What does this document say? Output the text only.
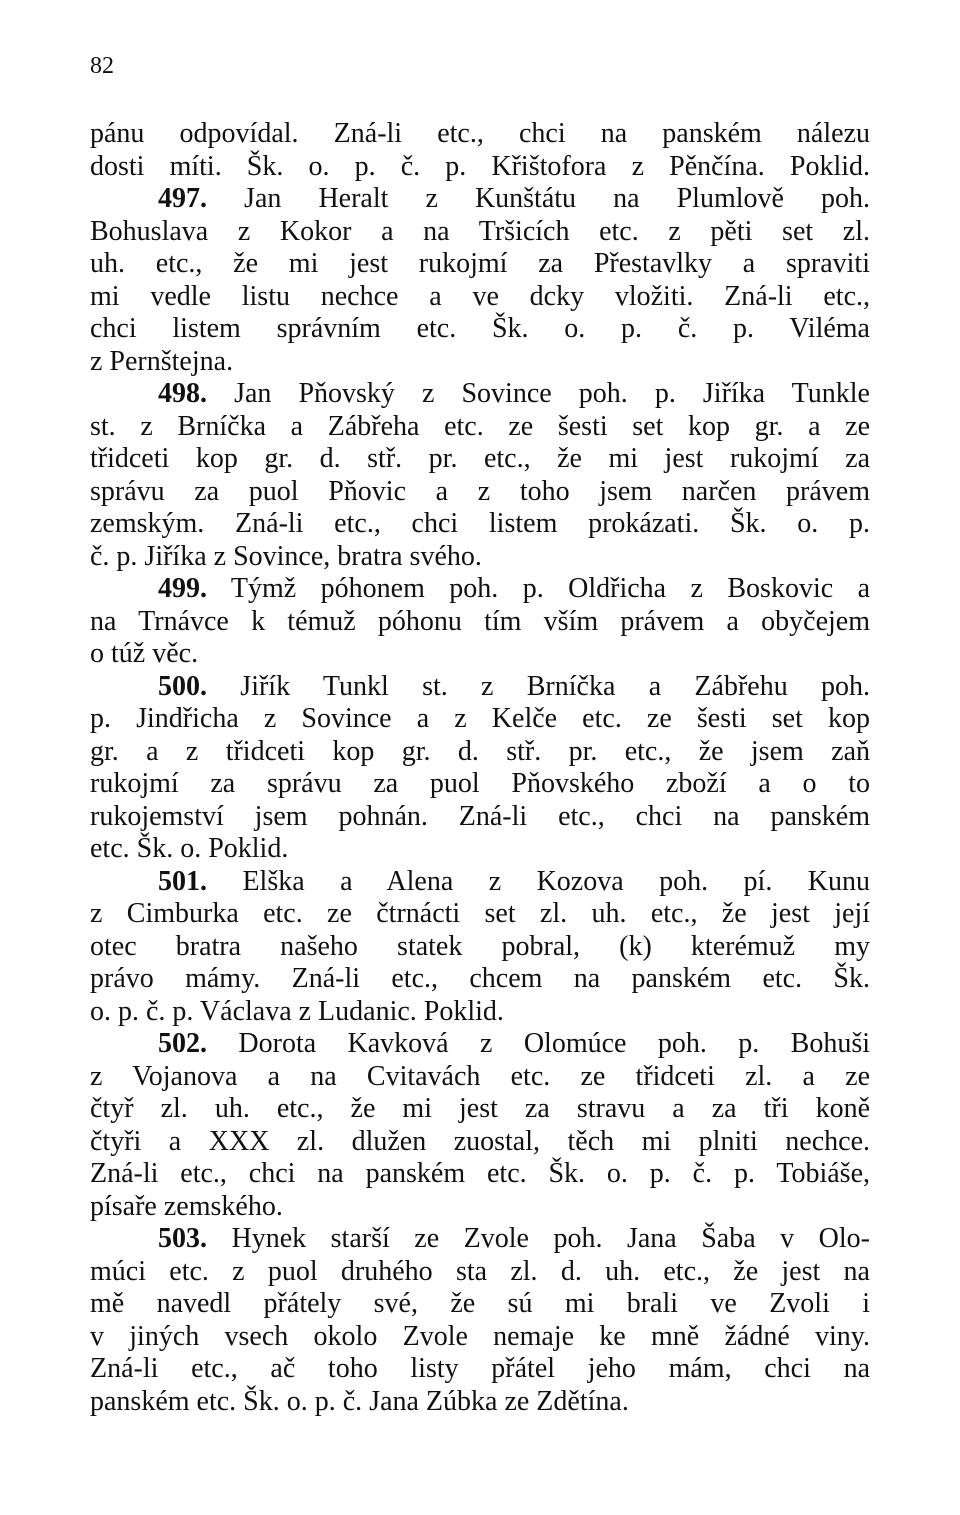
82
pánu odpovídal. Zná-li etc., chci na panském nálezu
dosti míti. Šk. o. p. č. p. Křištofora z Pěnčína. Poklid.
497. Jan Heralt z Kunštátu na Plumlově poh.
Bohuslava z Kokor a na Tršicích etc. z pěti set zl.
uh. etc., že mi jest rukojmí za Přestavlky a spraviti
mi vedle listu nechce a ve dcky vložiti. Zná-li etc.,
chci listem správním etc. Šk. o. p. č. p. Viléma
z Pernštejna.
498. Jan Pňovský z Sovince poh. p. Jiříka Tunkle
st. z Brníčka a Zábřeha etc. ze šesti set kop gr. a ze
třidceti kop gr. d. stř. pr. etc., že mi jest rukojmí za
správu za puol Pňovic a z toho jsem narčen právem
zemským. Zná-li etc., chci listem prokázati. Šk. o. p.
č. p. Jiříka z Sovince, bratra svého.
499. Týmž póhonem poh. p. Oldřicha z Boskovic a
na Trnávce k témuž póhonu tím vším právem a obyčejem
o túž věc.
500. Jiřík Tunkl st. z Brníčka a Zábřehu poh.
p. Jindřicha z Sovince a z Kelče etc. ze šesti set kop
gr. a z třidceti kop gr. d. stř. pr. etc., že jsem zaň
rukojmí za správu za puol Pňovského zboží a o to
rukojemství jsem pohnán. Zná-li etc., chci na panském
etc. Šk. o. Poklid.
501. Elška a Alena z Kozova poh. pí. Kunu
z Cimburka etc. ze čtrnácti set zl. uh. etc., že jest její
otec bratra našeho statek pobral, (k) kterémuž my
právo mámy. Zná-li etc., chcem na panském etc. Šk.
o. p. č. p. Václava z Ludanic. Poklid.
502. Dorota Kavková z Olomúce poh. p. Bohuši
z Vojanova a na Cvitavách etc. ze třidceti zl. a ze
čtyř zl. uh. etc., že mi jest za stravu a za tři koně
čtyři a XXX zl. dlužen zuostal, těch mi plniti nechce.
Zná-li etc., chci na panském etc. Šk. o. p. č. p. Tobiáše,
písaře zemského.
503. Hynek starší ze Zvole poh. Jana Šaba v Olo-
múci etc. z puol druhého sta zl. d. uh. etc., že jest na
mě navedl přátely své, že sú mi brali ve Zvoli i
v jiných vsech okolo Zvole nemaje ke mně žádné viny.
Zná-li etc., ač toho listy přátel jeho mám, chci na
panském etc. Šk. o. p. č. Jana Zúbka ze Zdětína.
